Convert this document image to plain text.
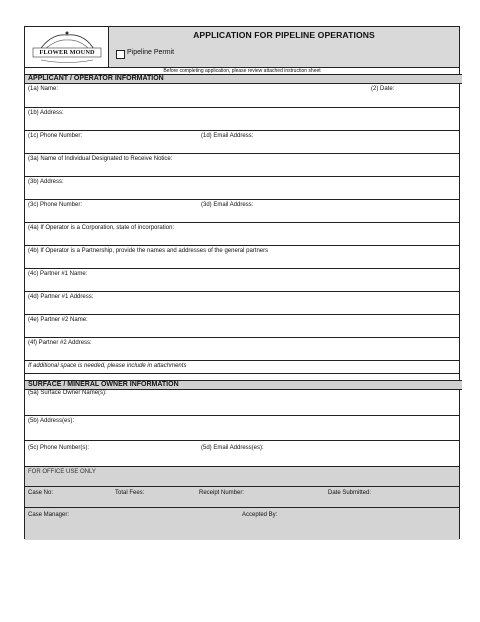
FLOWER MOUND
APPLICATION FOR PIPELINE OPERATIONS
Pipeline Permit
Before completing application, please review attached instruction sheet
APPLICANT / OPERATOR INFORMATION
(1a) Name:	(2) Date:
(1b) Address:
(1c) Phone Number:	(1d) Email Address:
(3a) Name of Individual Designated to Receive Notice:
(3b) Address:
(3c) Phone Number:	(3d) Email Address:
(4a) If Operator is a Corporation, state of incorporation:
(4b) If Operator is a Partnership, provide the names and addresses of the general partners
(4c) Partner #1 Name:
(4d) Partner #1 Address:
(4e) Partner #2 Name:
(4f) Partner #2 Address:
If additional space is needed, please include in attachments
SURFACE / MINERAL OWNER INFORMATION
(5a) Surface Owner Name(s):
(5b) Address(es):
(5c) Phone Number(s):	(5d) Email Address(es):
FOR OFFICE USE ONLY
Case No:	Total Fees:	Receipt Number:	Date Submitted:
Case Manager:	Accepted By:
